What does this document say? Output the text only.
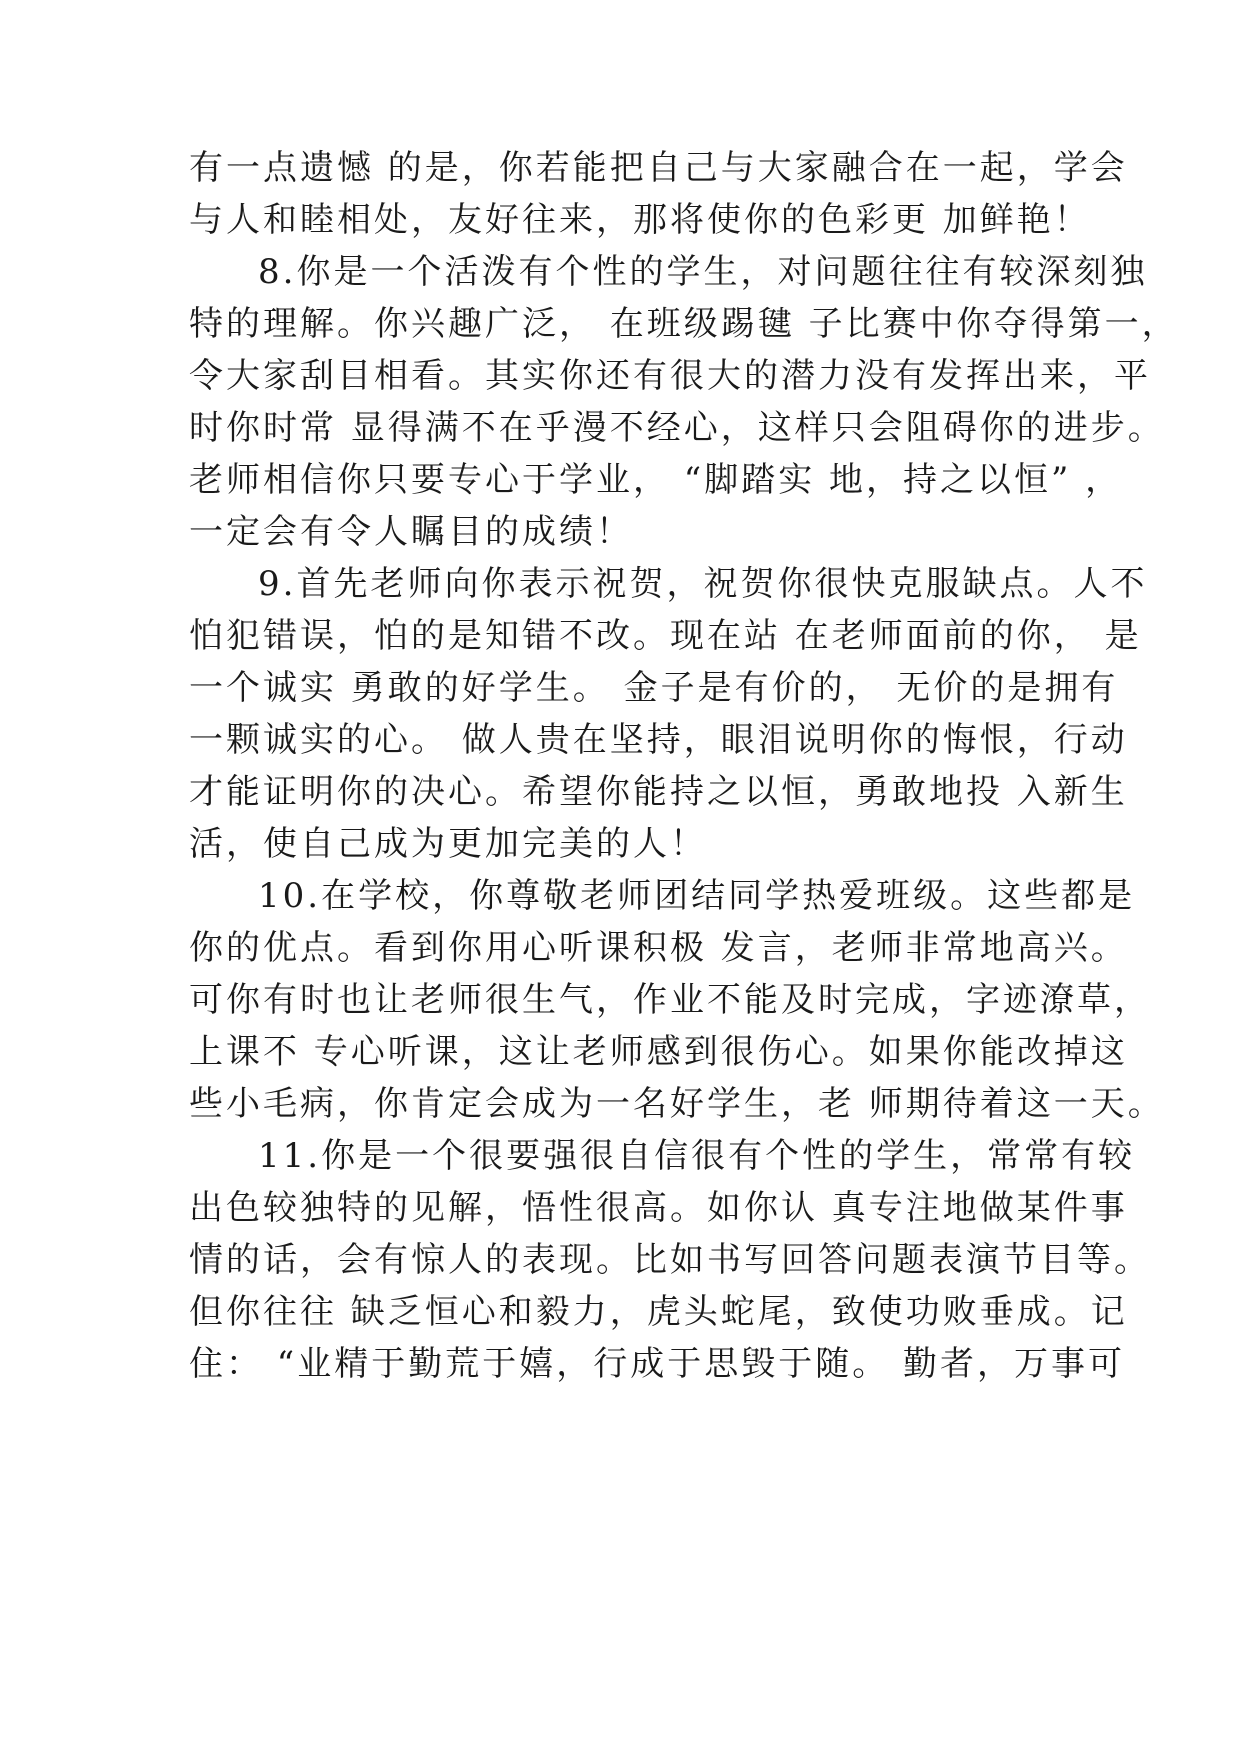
有一点遗憾 的是，你若能把自己与大家融合在一起，学会

与人和睦相处，友好往来，那将使你的色彩更 加鲜艳！

8.你是一个活泼有个性的学生，对问题往往有较深刻独

特的理解。你兴趣广泛， 在班级踢毽 子比赛中你夺得第一，

令大家刮目相看。其实你还有很大的潜力没有发挥出来，平

时你时常 显得满不在乎漫不经心，这样只会阻碍你的进步。

老师相信你只要专心于学业， “脚踏实 地，持之以恒” ，

一定会有令人瞩目的成绩！

9.首先老师向你表示祝贺，祝贺你很快克服缺点。人不

怕犯错误，怕的是知错不改。现在站 在老师面前的你， 是

一个诚实 勇敢的好学生。 金子是有价的， 无价的是拥有

一颗诚实的心。 做人贵在坚持，眼泪说明你的悔恨，行动

才能证明你的决心。希望你能持之以恒，勇敢地投 入新生

活，使自己成为更加完美的人！

10.在学校，你尊敬老师团结同学热爱班级。这些都是

你的优点。看到你用心听课积极 发言，老师非常地高兴。

可你有时也让老师很生气，作业不能及时完成，字迹潦草，

上课不 专心听课，这让老师感到很伤心。如果你能改掉这

些小毛病，你肯定会成为一名好学生，老 师期待着这一天。

11.你是一个很要强很自信很有个性的学生，常常有较

出色较独特的见解，悟性很高。如你认 真专注地做某件事

情的话，会有惊人的表现。比如书写回答问题表演节目等。

但你往往 缺乏恒心和毅力，虎头蛇尾，致使功败垂成。记

住： “业精于勤荒于嬉，行成于思毁于随。 勤者，万事可
